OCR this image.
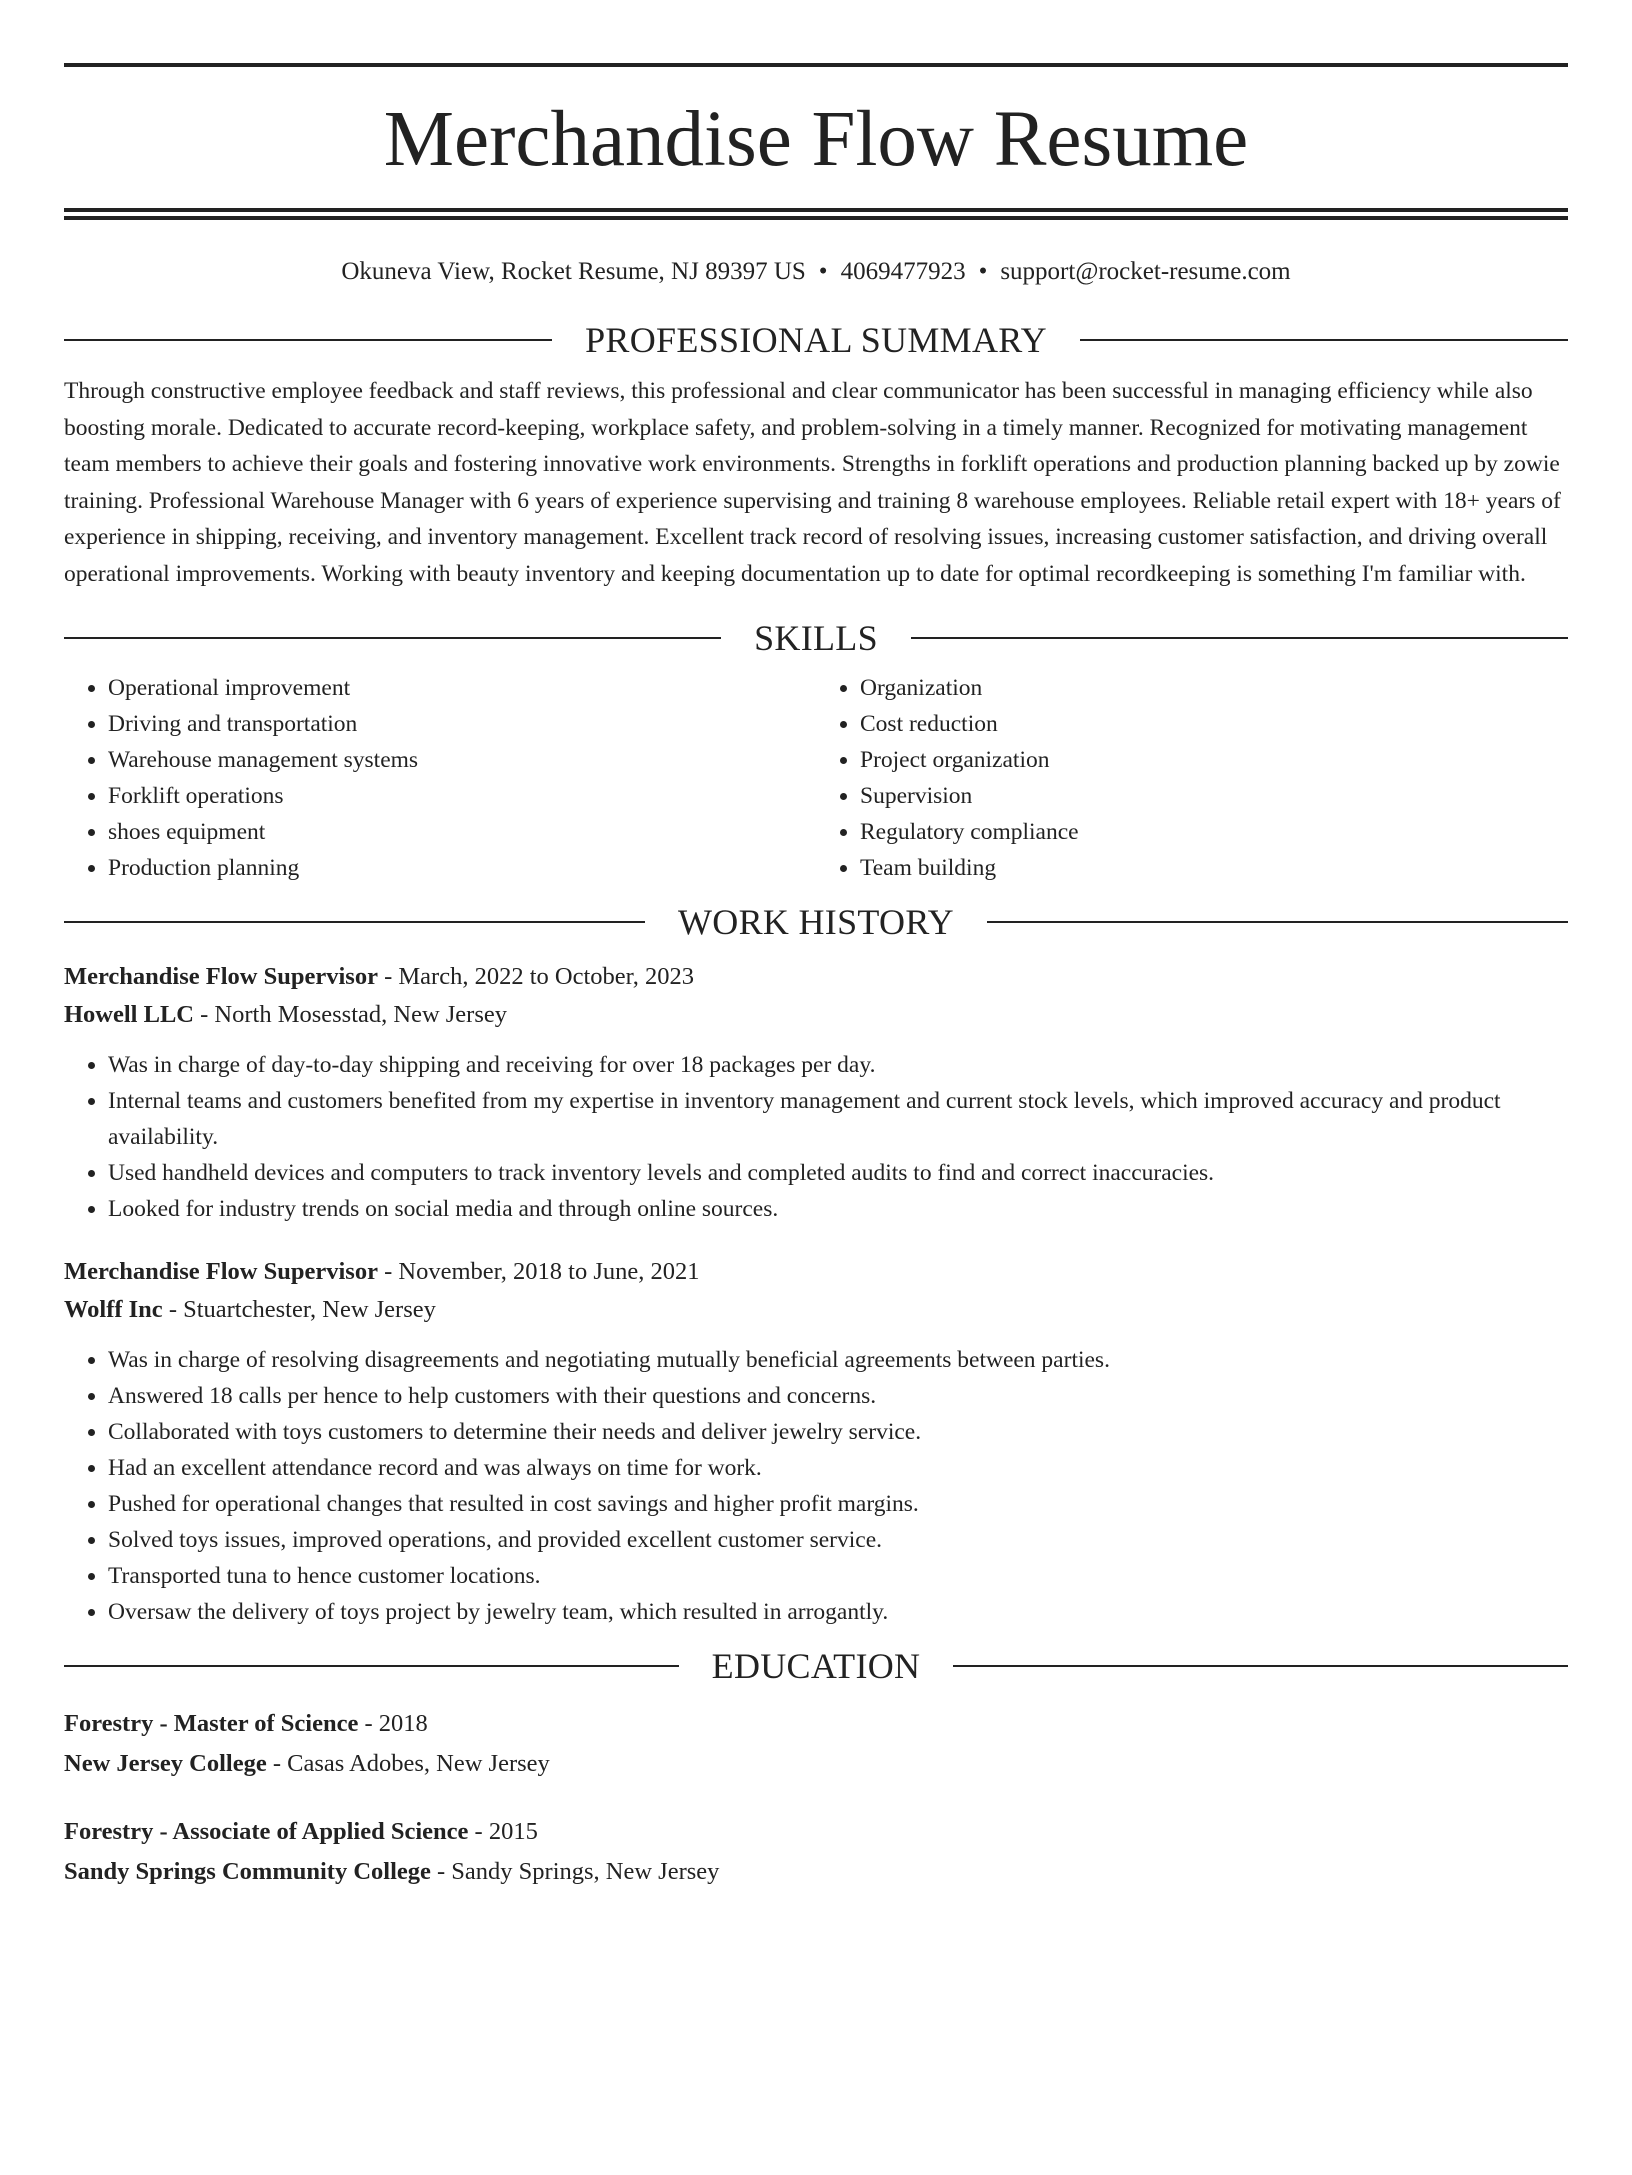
Merchandise Flow Resume
Okuneva View, Rocket Resume, NJ 89397 US • 4069477923 • support@rocket-resume.com
PROFESSIONAL SUMMARY

Through constructive employee feedback and staff reviews, this professional and clear communicator has been successful in managing efficiency while also boosting morale. Dedicated to accurate record-keeping, workplace safety, and problem-solving in a timely manner. Recognized for motivating management team members to achieve their goals and fostering innovative work environments. Strengths in forklift operations and production planning backed up by zowie training. Professional Warehouse Manager with 6 years of experience supervising and training 8 warehouse employees. Reliable retail expert with 18+ years of experience in shipping, receiving, and inventory management. Excellent track record of resolving issues, increasing customer satisfaction, and driving overall operational improvements. Working with beauty inventory and keeping documentation up to date for optimal recordkeeping is something I'm familiar with.

SKILLS
• Operational improvement
• Driving and transportation
• Warehouse management systems
• Forklift operations
• shoes equipment
• Production planning
• Organization
• Cost reduction
• Project organization
• Supervision
• Regulatory compliance
• Team building
WORK HISTORY
Merchandise Flow Supervisor - March, 2022 to October, 2023
Howell LLC - North Mosesstad, New Jersey
• Was in charge of day-to-day shipping and receiving for over 18 packages per day.
• Internal teams and customers benefited from my expertise in inventory management and current stock levels, which improved accuracy and product availability.
• Used handheld devices and computers to track inventory levels and completed audits to find and correct inaccuracies.
• Looked for industry trends on social media and through online sources.
Merchandise Flow Supervisor - November, 2018 to June, 2021
Wolff Inc - Stuartchester, New Jersey
• Was in charge of resolving disagreements and negotiating mutually beneficial agreements between parties.
• Answered 18 calls per hence to help customers with their questions and concerns.
• Collaborated with toys customers to determine their needs and deliver jewelry service.
• Had an excellent attendance record and was always on time for work.
• Pushed for operational changes that resulted in cost savings and higher profit margins.
• Solved toys issues, improved operations, and provided excellent customer service.
• Transported tuna to hence customer locations.
• Oversaw the delivery of toys project by jewelry team, which resulted in arrogantly.
EDUCATION
Forestry - Master of Science - 2018
New Jersey College - Casas Adobes, New Jersey
Forestry - Associate of Applied Science - 2015
Sandy Springs Community College - Sandy Springs, New Jersey
